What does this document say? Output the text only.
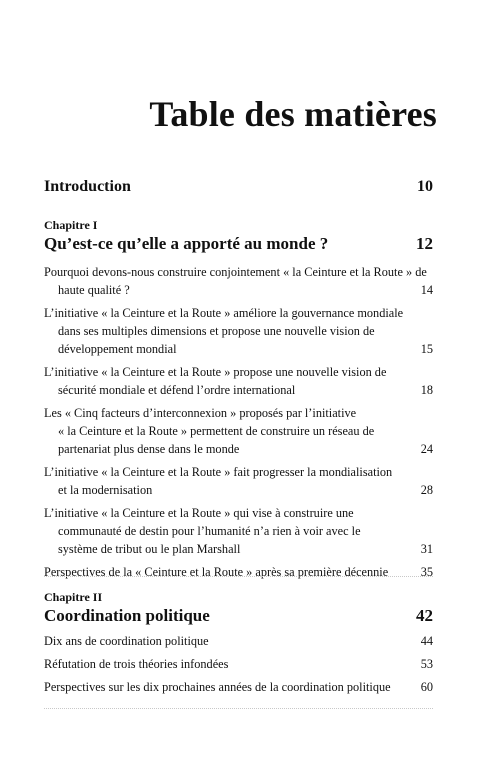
Table des matières
Introduction	10
Chapitre I
Qu’est-ce qu’elle a apporté au monde ?	12
Pourquoi devons-nous construire conjointement « la Ceinture et la Route » de
haute qualité ?	14
L’initiative « la Ceinture et la Route » améliore la gouvernance mondiale
dans ses multiples dimensions et propose une nouvelle vision de
développement mondial	15
L’initiative « la Ceinture et la Route » propose une nouvelle vision de
sécurité mondiale et défend l’ordre international	18
Les « Cinq facteurs d’interconnexion » proposés par l’initiative
« la Ceinture et la Route » permettent de construire un réseau de
partenariat plus dense dans le monde	24
L’initiative « la Ceinture et la Route » fait progresser la mondialisation
et la modernisation	28
L’initiative « la Ceinture et la Route » qui vise à construire une
communauté de destin pour l’humanité n’a rien à voir avec le
système de tribut ou le plan Marshall	31
Perspectives de la « Ceinture et la Route » après sa première décennie	35
Chapitre II
Coordination politique	42
Dix ans de coordination politique	44
Réfutation de trois théories infondées	53
Perspectives sur les dix prochaines années de la coordination politique 60
